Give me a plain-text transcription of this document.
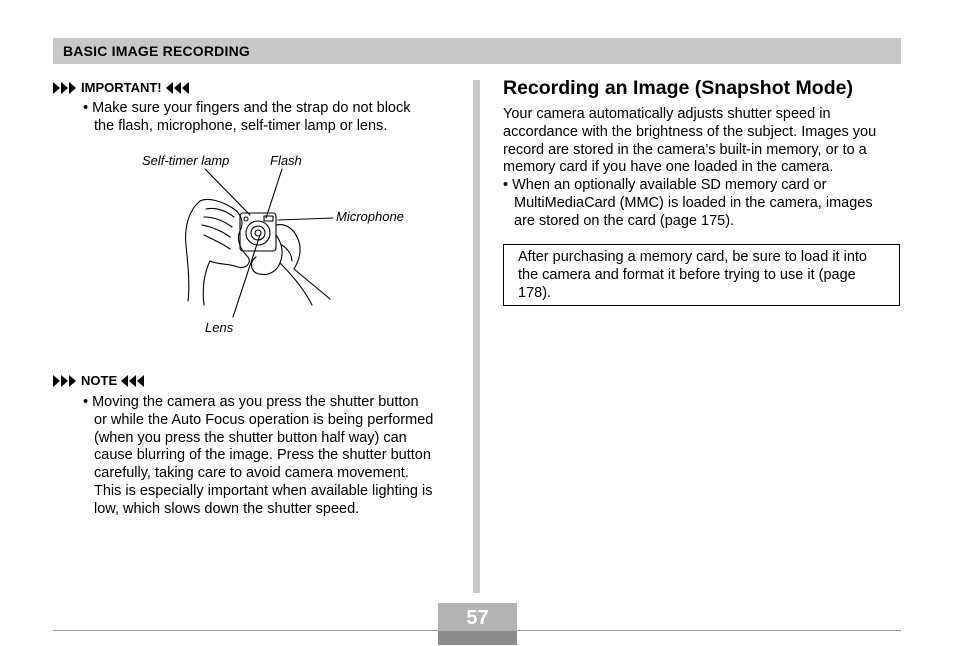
BASIC IMAGE RECORDING
IMPORTANT!
• Make sure your fingers and the strap do not block
the flash, microphone, self-timer lamp or lens.
Self-timer lamp	Flash
Microphone
Lens
NOTE
• Moving the camera as you press the shutter button
or while the Auto Focus operation is being performed
(when you press the shutter button half way) can
cause blurring of the image. Press the shutter button
carefully, taking care to avoid camera movement.
This is especially important when available lighting is
low, which slows down the shutter speed.
Recording an Image (Snapshot Mode)
Your camera automatically adjusts shutter speed in
accordance with the brightness of the subject. Images you
record are stored in the camera’s built-in memory, or to a
memory card if you have one loaded in the camera.
• When an optionally available SD memory card or
MultiMediaCard (MMC) is loaded in the camera, images
are stored on the card (page 175).
After purchasing a memory card, be sure to load it into
the camera and format it before trying to use it (page
178).
57
